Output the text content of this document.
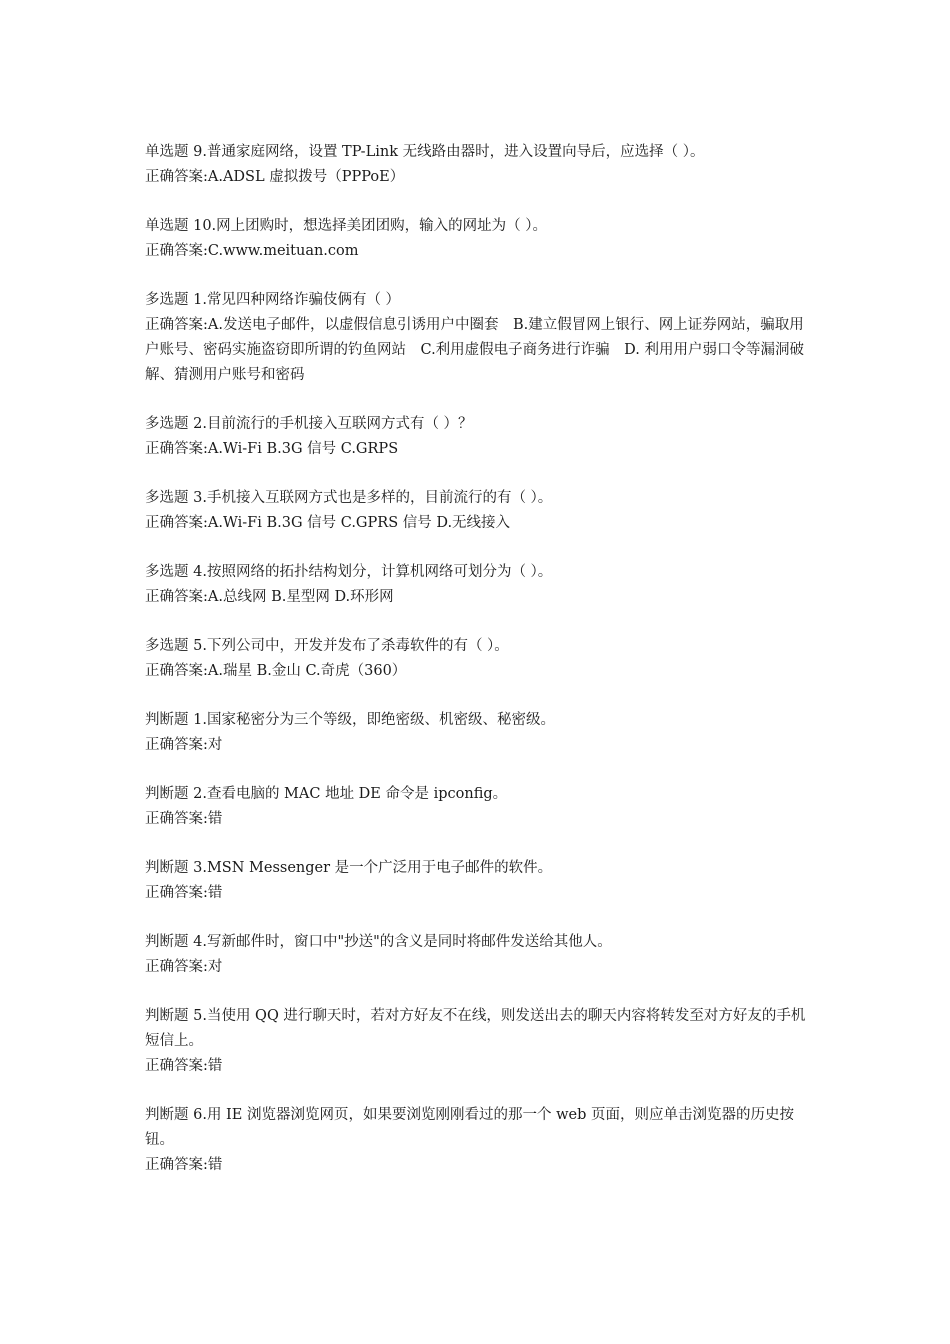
单选题 9.普通家庭网络，设置 TP-Link 无线路由器时，进入设置向导后，应选择（ ）。
正确答案:A.ADSL 虚拟拨号（PPPoE）
单选题 10.网上团购时，想选择美团团购，输入的网址为（ ）。
正确答案:C.www.meituan.com
多选题 1.常见四种网络诈骗伎俩有（ ）
正确答案:A.发送电子邮件，以虚假信息引诱用户中圈套　B.建立假冒网上银行、网上证券网站，骗取用户账号、密码实施盗窃即所谓的钓鱼网站　C.利用虚假电子商务进行诈骗　D. 利用用户弱口令等漏洞破解、猜测用户账号和密码
多选题 2.目前流行的手机接入互联网方式有（ ）？
正确答案:A.Wi-Fi B.3G 信号 C.GRPS
多选题 3.手机接入互联网方式也是多样的，目前流行的有（ ）。
正确答案:A.Wi-Fi B.3G 信号 C.GPRS 信号 D.无线接入
多选题 4.按照网络的拓扑结构划分，计算机网络可划分为（ ）。
正确答案:A.总线网 B.星型网 D.环形网
多选题 5.下列公司中，开发并发布了杀毒软件的有（ ）。
正确答案:A.瑞星 B.金山 C.奇虎（360）
判断题 1.国家秘密分为三个等级，即绝密级、机密级、秘密级。
正确答案:对
判断题 2.查看电脑的 MAC 地址 DE 命令是 ipconfig。
正确答案:错
判断题 3.MSN Messenger 是一个广泛用于电子邮件的软件。
正确答案:错
判断题 4.写新邮件时，窗口中"抄送"的含义是同时将邮件发送给其他人。
正确答案:对
判断题 5.当使用 QQ 进行聊天时，若对方好友不在线，则发送出去的聊天内容将转发至对方好友的手机短信上。
正确答案:错
判断题 6.用 IE 浏览器浏览网页，如果要浏览刚刚看过的那一个 web 页面，则应单击浏览器的历史按钮。
正确答案:错
